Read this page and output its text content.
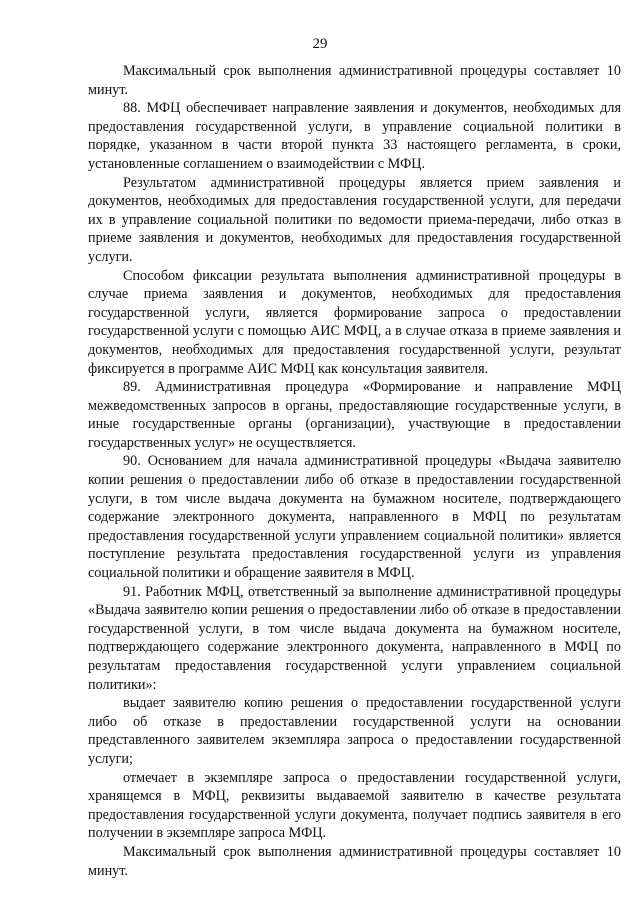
29

Максимальный срок выполнения административной процедуры составляет 10 минут.

88. МФЦ обеспечивает направление заявления и документов, необходимых для предоставления государственной услуги, в управление социальной политики в порядке, указанном в части второй пункта 33 настоящего регламента, в сроки, установленные соглашением о взаимодействии с МФЦ.

Результатом административной процедуры является прием заявления и документов, необходимых для предоставления государственной услуги, для передачи их в управление социальной политики по ведомости приема-передачи, либо отказ в приеме заявления и документов, необходимых для предоставления государственной услуги.

Способом фиксации результата выполнения административной процедуры в случае приема заявления и документов, необходимых для предоставления государственной услуги, является формирование запроса о предоставлении государственной услуги с помощью АИС МФЦ, а в случае отказа в приеме заявления и документов, необходимых для предоставления государственной услуги, результат фиксируется в программе АИС МФЦ как консультация заявителя.

89. Административная процедура «Формирование и направление МФЦ межведомственных запросов в органы, предоставляющие государственные услуги, в иные государственные органы (организации), участвующие в предоставлении государственных услуг» не осуществляется.

90. Основанием для начала административной процедуры «Выдача заявителю копии решения о предоставлении либо об отказе в предоставлении государственной услуги, в том числе выдача документа на бумажном носителе, подтверждающего содержание электронного документа, направленного в МФЦ по результатам предоставления государственной услуги управлением социальной политики» является поступление результата предоставления государственной услуги из управления социальной политики и обращение заявителя в МФЦ.

91. Работник МФЦ, ответственный за выполнение административной процедуры «Выдача заявителю копии решения о предоставлении либо об отказе в предоставлении государственной услуги, в том числе выдача документа на бумажном носителе, подтверждающего содержание электронного документа, направленного в МФЦ по результатам предоставления государственной услуги управлением социальной политики»:

выдает заявителю копию решения о предоставлении государственной услуги либо об отказе в предоставлении государственной услуги на основании представленного заявителем экземпляра запроса о предоставлении государственной услуги;

отмечает в экземпляре запроса о предоставлении государственной услуги, хранящемся в МФЦ, реквизиты выдаваемой заявителю в качестве результата предоставления государственной услуги документа, получает подпись заявителя в его получении в экземпляре запроса МФЦ.

Максимальный срок выполнения административной процедуры составляет 10 минут.
